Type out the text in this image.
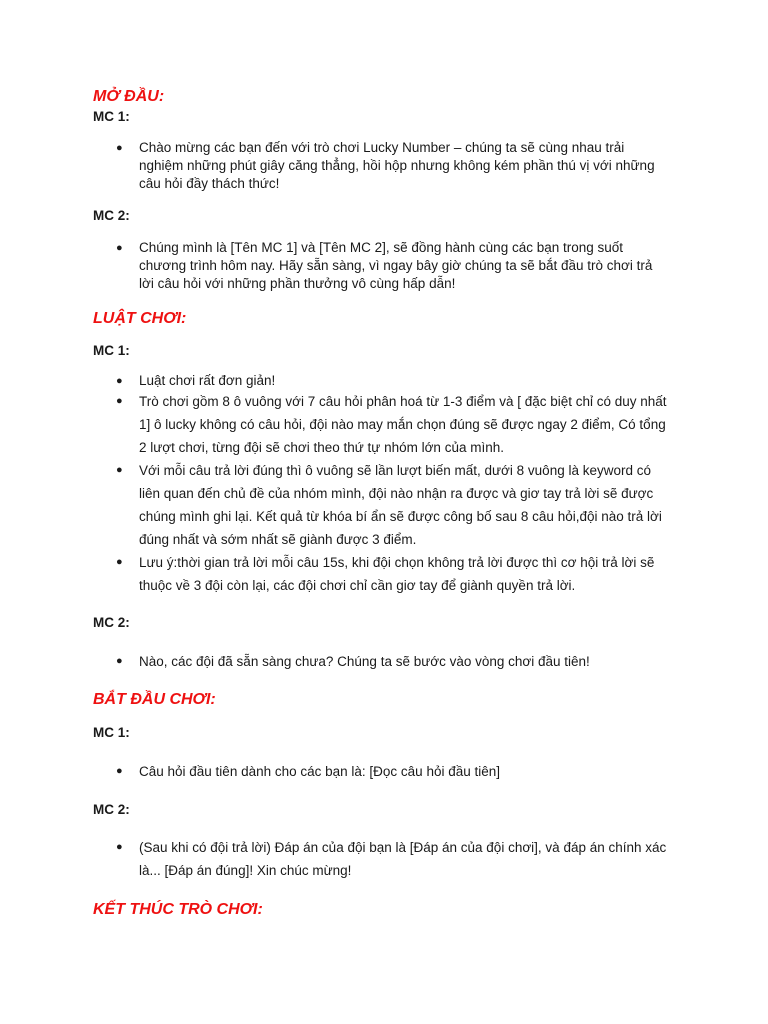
MỞ ĐẦU:
MC 1:
● Chào mừng các bạn đến với trò chơi Lucky Number – chúng ta sẽ cùng nhau trải nghiệm những phút giây căng thẳng, hồi hộp nhưng không kém phần thú vị với những câu hỏi đầy thách thức!
MC 2:
● Chúng mình là [Tên MC 1] và [Tên MC 2], sẽ đồng hành cùng các bạn trong suốt chương trình hôm nay. Hãy sẵn sàng, vì ngay bây giờ chúng ta sẽ bắt đầu trò chơi trả lời câu hỏi với những phần thưởng vô cùng hấp dẫn!
LUẬT CHƠI:
MC 1:
● Luật chơi rất đơn giản!
● Trò chơi gồm 8 ô vuông với 7 câu hỏi phân hoá từ 1-3 điểm và [ đặc biệt chỉ có duy nhất 1] ô lucky không có câu hỏi, đội nào may mắn chọn đúng sẽ được ngay 2 điểm, Có tổng 2 lượt chơi, từng đội sẽ chơi theo thứ tự nhóm lớn của mình.
● Với mỗi câu trả lời đúng thì ô vuông sẽ lần lượt biến mất, dưới 8 vuông là keyword có liên quan đến chủ đề của nhóm mình, đội nào nhận ra được và giơ tay trả lời sẽ được chúng mình ghi lại. Kết quả từ khóa bí ẩn sẽ được công bố sau 8 câu hỏi,đội nào trả lời đúng nhất và sớm nhất sẽ giành được 3 điểm.
● Lưu ý:thời gian trả lời mỗi câu 15s, khi đội chọn không trả lời được thì cơ hội trả lời sẽ thuộc về 3 đội còn lại, các đội chơi chỉ cần giơ tay để giành quyền trả lời.
MC 2:
● Nào, các đội đã sẵn sàng chưa? Chúng ta sẽ bước vào vòng chơi đầu tiên!
BẮT ĐẦU CHƠI:
MC 1:
● Câu hỏi đầu tiên dành cho các bạn là: [Đọc câu hỏi đầu tiên]
MC 2:
● (Sau khi có đội trả lời) Đáp án của đội bạn là [Đáp án của đội chơi], và đáp án chính xác là... [Đáp án đúng]! Xin chúc mừng!
KẾT THÚC TRÒ CHƠI:
